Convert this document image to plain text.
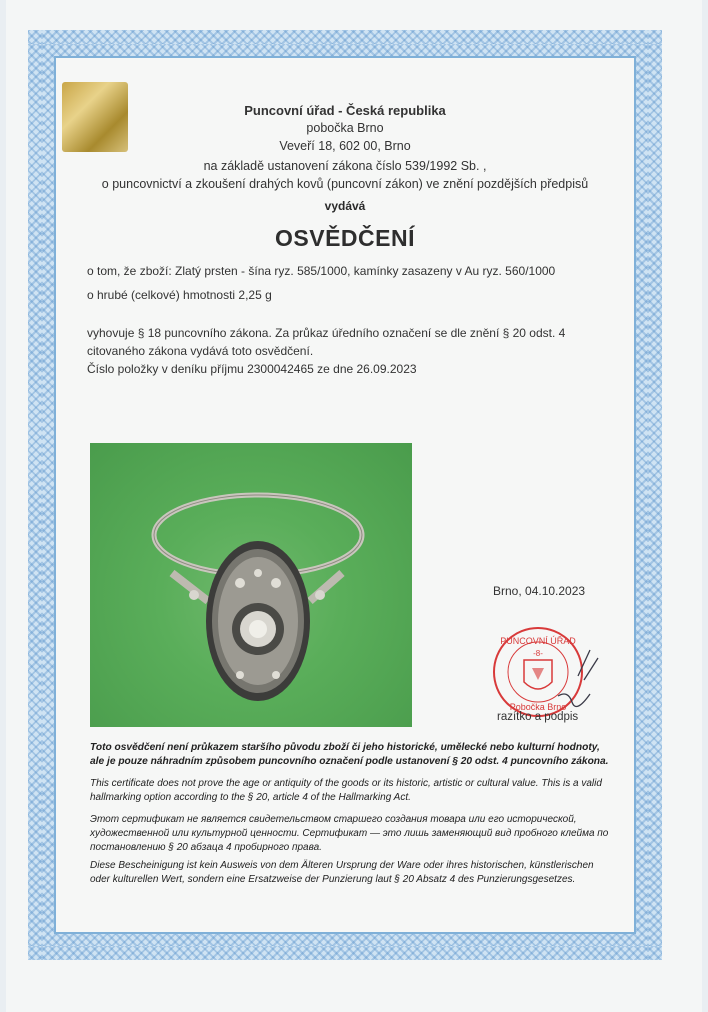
Puncovní úřad - Česká republika
pobočka Brno
Veveří 18, 602 00, Brno
na základě ustanovení zákona číslo 539/1992 Sb. ,
o puncovnictví a zkoušení drahých kovů (puncovní zákon) ve znění pozdějších předpisů
vydává
OSVĚDČENÍ
o tom, že zboží: Zlatý prsten - šína ryz. 585/1000, kamínky zasazeny v Au ryz. 560/1000
o hrubé (celkové) hmotnosti 2,25 g
vyhovuje § 18 puncovního zákona. Za průkaz úředního označení se dle znění § 20 odst. 4 citovaného zákona vydává toto osvědčení.
Číslo položky v deníku příjmu 2300042465 ze dne 26.09.2023
Brno, 04.10.2023
PUNCOVNÍ ÚŘAD
-8-
Pobočka Brno
razítko a podpis
Toto osvědčení není průkazem staršího původu zboží či jeho historické, umělecké nebo kulturní hodnoty, ale je pouze náhradním způsobem puncovního označení podle ustanovení § 20 odst. 4 puncovního zákona.
This certificate does not prove the age or antiquity of the goods or its historic, artistic or cultural value. This is a valid hallmarking option according to the § 20, article 4 of the Hallmarking Act.
Этот сертификат не является свидетельством старшего создания товара или его исторической, художественной или культурной ценности. Сертификат — это лишь заменяющий вид пробного клейма по постановлению § 20 абзаца 4 пробирного права.
Diese Bescheinigung ist kein Ausweis von dem Älteren Ursprung der Ware oder ihres historischen, künstlerischen oder kulturellen Wert, sondern eine Ersatzweise der Punzierung laut § 20 Absatz 4 des Punzierungsgesetzes.
